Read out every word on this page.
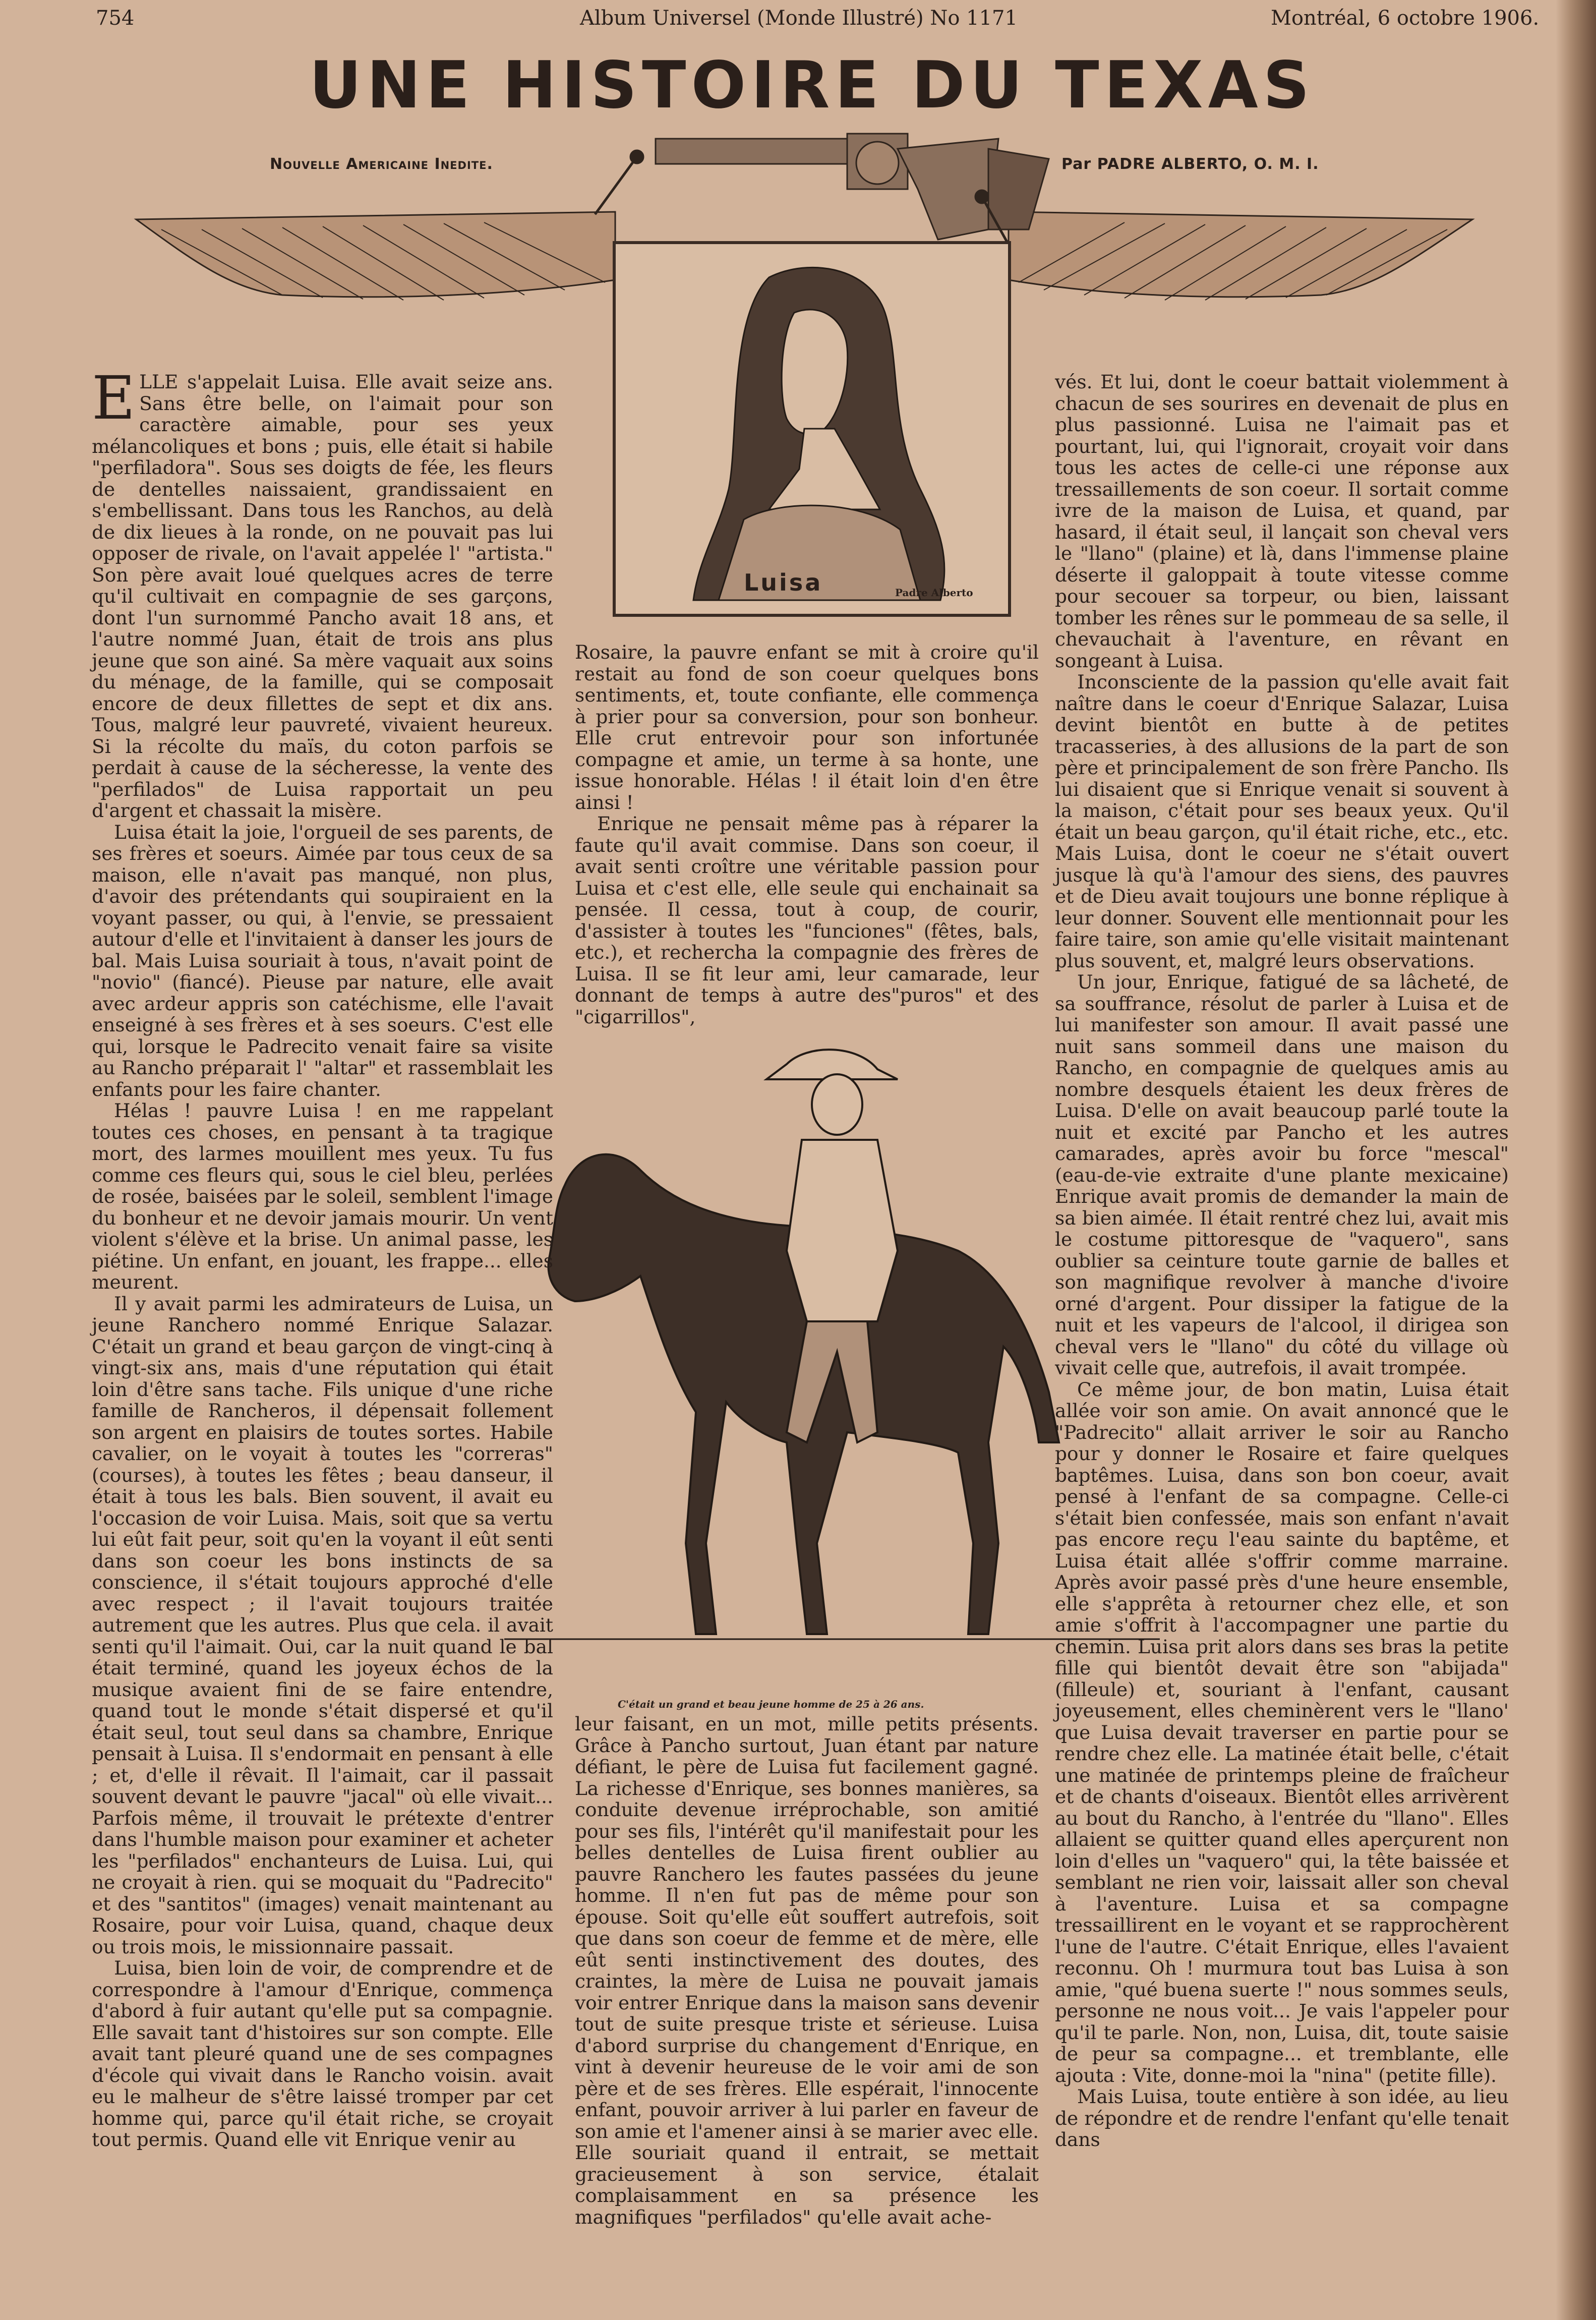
754	Album Universel (Monde Illustré) No 1171	Montréal, 6 octobre 1906.
UNE HISTOIRE DU TEXAS
Nouvelle Americaine Inedite.	Par PADRE ALBERTO, O. M. I.
Luisa	Padre Alberto
C'était un grand et beau jeune homme de 25 à 26 ans.

ELLE s'appelait Luisa. Elle avait seize ans. Sans être belle, on l'aimait pour son caractère aimable, pour ses yeux mélancoliques et bons ; puis, elle était si habile "perfiladora". Sous ses doigts de fée, les fleurs de dentelles naissaient, grandissaient en s'embellissant. Dans tous les Ranchos, au delà de dix lieues à la ronde, on ne pouvait pas lui opposer de rivale, on l'avait appelée l' "artista." Son père avait loué quelques acres de terre qu'il cultivait en compagnie de ses garçons, dont l'un surnommé Pancho avait 18 ans, et l'autre nommé Juan, était de trois ans plus jeune que son ainé. Sa mère vaquait aux soins du ménage, de la famille, qui se composait encore de deux fillettes de sept et dix ans. Tous, malgré leur pauvreté, vivaient heureux. Si la récolte du maïs, du coton parfois se perdait à cause de la sécheresse, la vente des "perfilados" de Luisa rapportait un peu d'argent et chassait la misère.

Luisa était la joie, l'orgueil de ses parents, de ses frères et soeurs. Aimée par tous ceux de sa maison, elle n'avait pas manqué, non plus, d'avoir des prétendants qui soupiraient en la voyant passer, ou qui, à l'envie, se pressaient autour d'elle et l'invitaient à danser les jours de bal. Mais Luisa souriait à tous, n'avait point de "novio" (fiancé). Pieuse par nature, elle avait avec ardeur appris son catéchisme, elle l'avait enseigné à ses frères et à ses soeurs. C'est elle qui, lorsque le Padrecito venait faire sa visite au Rancho préparait l' "altar" et rassemblait les enfants pour les faire chanter.

Hélas ! pauvre Luisa ! en me rappelant toutes ces choses, en pensant à ta tragique mort, des larmes mouillent mes yeux. Tu fus comme ces fleurs qui, sous le ciel bleu, perlées de rosée, baisées par le soleil, semblent l'image du bonheur et ne devoir jamais mourir. Un vent violent s'élève et la brise. Un animal passe, les piétine. Un enfant, en jouant, les frappe... elles meurent.

Il y avait parmi les admirateurs de Luisa, un jeune Ranchero nommé Enrique Salazar. C'était un grand et beau garçon de vingt-cinq à vingt-six ans, mais d'une réputation qui était loin d'être sans tache. Fils unique d'une riche famille de Rancheros, il dépensait follement son argent en plaisirs de toutes sortes. Habile cavalier, on le voyait à toutes les "correras" (courses), à toutes les fêtes ; beau danseur, il était à tous les bals. Bien souvent, il avait eu l'occasion de voir Luisa. Mais, soit que sa vertu lui eût fait peur, soit qu'en la voyant il eût senti dans son coeur les bons instincts de sa conscience, il s'était toujours approché d'elle avec respect ; il l'avait toujours traitée autrement que les autres. Plus que cela. il avait senti qu'il l'aimait. Oui, car la nuit quand le bal était terminé, quand les joyeux échos de la musique avaient fini de se faire entendre, quand tout le monde s'était dispersé et qu'il était seul, tout seul dans sa chambre, Enrique pensait à Luisa. Il s'endormait en pensant à elle ; et, d'elle il rêvait. Il l'aimait, car il passait souvent devant le pauvre "jacal" où elle vivait... Parfois même, il trouvait le prétexte d'entrer dans l'humble maison pour examiner et acheter les "perfilados" enchanteurs de Luisa. Lui, qui ne croyait à rien. qui se moquait du "Padrecito" et des "santitos" (images) venait maintenant au Rosaire, pour voir Luisa, quand, chaque deux ou trois mois, le missionnaire passait.

Luisa, bien loin de voir, de comprendre et de correspondre à l'amour d'Enrique, commença d'abord à fuir autant qu'elle put sa compagnie. Elle savait tant d'histoires sur son compte. Elle avait tant pleuré quand une de ses compagnes d'école qui vivait dans le Rancho voisin. avait eu le malheur de s'être laissé tromper par cet homme qui, parce qu'il était riche, se croyait tout permis. Quand elle vit Enrique venir au

Rosaire, la pauvre enfant se mit à croire qu'il restait au fond de son coeur quelques bons sentiments, et, toute confiante, elle commença à prier pour sa conversion, pour son bonheur. Elle crut entrevoir pour son infortunée compagne et amie, un terme à sa honte, une issue honorable. Hélas ! il était loin d'en être ainsi !

Enrique ne pensait même pas à réparer la faute qu'il avait commise. Dans son coeur, il avait senti croître une véritable passion pour Luisa et c'est elle, elle seule qui enchainait sa pensée. Il cessa, tout à coup, de courir, d'assister à toutes les "funciones" (fêtes, bals, etc.), et rechercha la compagnie des frères de Luisa. Il se fit leur ami, leur camarade, leur donnant de temps à autre des"puros" et des "cigarrillos",

leur faisant, en un mot, mille petits présents. Grâce à Pancho surtout, Juan étant par nature défiant, le père de Luisa fut facilement gagné. La richesse d'Enrique, ses bonnes manières, sa conduite devenue irréprochable, son amitié pour ses fils, l'intérêt qu'il manifestait pour les belles dentelles de Luisa firent oublier au pauvre Ranchero les fautes passées du jeune homme. Il n'en fut pas de même pour son épouse. Soit qu'elle eût souffert autrefois, soit que dans son coeur de femme et de mère, elle eût senti instinctivement des doutes, des craintes, la mère de Luisa ne pouvait jamais voir entrer Enrique dans la maison sans devenir tout de suite presque triste et sérieuse. Luisa d'abord surprise du changement d'Enrique, en vint à devenir heureuse de le voir ami de son père et de ses frères. Elle espérait, l'innocente enfant, pouvoir arriver à lui parler en faveur de son amie et l'amener ainsi à se marier avec elle. Elle souriait quand il entrait, se mettait gracieusement à son service, étalait complaisamment en sa présence les magnifiques "perfilados" qu'elle avait ache-

vés. Et lui, dont le coeur battait violemment à chacun de ses sourires en devenait de plus en plus passionné. Luisa ne l'aimait pas et pourtant, lui, qui l'ignorait, croyait voir dans tous les actes de celle-ci une réponse aux tressaillements de son coeur. Il sortait comme ivre de la maison de Luisa, et quand, par hasard, il était seul, il lançait son cheval vers le "llano" (plaine) et là, dans l'immense plaine déserte il galoppait à toute vitesse comme pour secouer sa torpeur, ou bien, laissant tomber les rênes sur le pommeau de sa selle, il chevauchait à l'aventure, en rêvant en songeant à Luisa.

Inconsciente de la passion qu'elle avait fait naître dans le coeur d'Enrique Salazar, Luisa devint bientôt en butte à de petites tracasseries, à des allusions de la part de son père et principalement de son frère Pancho. Ils lui disaient que si Enrique venait si souvent à la maison, c'était pour ses beaux yeux. Qu'il était un beau garçon, qu'il était riche, etc., etc. Mais Luisa, dont le coeur ne s'était ouvert jusque là qu'à l'amour des siens, des pauvres et de Dieu avait toujours une bonne réplique à leur donner. Souvent elle mentionnait pour les faire taire, son amie qu'elle visitait maintenant plus souvent, et, malgré leurs observations.

Un jour, Enrique, fatigué de sa lâcheté, de sa souffrance, résolut de parler à Luisa et de lui manifester son amour. Il avait passé une nuit sans sommeil dans une maison du Rancho, en compagnie de quelques amis au nombre desquels étaient les deux frères de Luisa. D'elle on avait beaucoup parlé toute la nuit et excité par Pancho et les autres camarades, après avoir bu force "mescal" (eau-de-vie extraite d'une plante mexicaine) Enrique avait promis de demander la main de sa bien aimée. Il était rentré chez lui, avait mis le costume pittoresque de "vaquero", sans oublier sa ceinture toute garnie de balles et son magnifique revolver à manche d'ivoire orné d'argent. Pour dissiper la fatigue de la nuit et les vapeurs de l'alcool, il dirigea son cheval vers le "llano" du côté du village où vivait celle que, autrefois, il avait trompée.

Ce même jour, de bon matin, Luisa était allée voir son amie. On avait annoncé que le "Padrecito" allait arriver le soir au Rancho pour y donner le Rosaire et faire quelques baptêmes. Luisa, dans son bon coeur, avait pensé à l'enfant de sa compagne. Celle-ci s'était bien confessée, mais son enfant n'avait pas encore reçu l'eau sainte du baptême, et Luisa était allée s'offrir comme marraine. Après avoir passé près d'une heure ensemble, elle s'apprêta à retourner chez elle, et son amie s'offrit à l'accompagner une partie du chemin. Luisa prit alors dans ses bras la petite fille qui bientôt devait être son "abijada" (filleule) et, souriant à l'enfant, causant joyeusement, elles cheminèrent vers le "llano' que Luisa devait traverser en partie pour se rendre chez elle. La matinée était belle, c'était une matinée de printemps pleine de fraîcheur et de chants d'oiseaux. Bientôt elles arrivèrent au bout du Rancho, à l'entrée du "llano". Elles allaient se quitter quand elles aperçurent non loin d'elles un "vaquero" qui, la tête baissée et semblant ne rien voir, laissait aller son cheval à l'aventure. Luisa et sa compagne tressaillirent en le voyant et se rapprochèrent l'une de l'autre. C'était Enrique, elles l'avaient reconnu. Oh ! murmura tout bas Luisa à son amie, "qué buena suerte !" nous sommes seuls, personne ne nous voit... Je vais l'appeler pour qu'il te parle. Non, non, Luisa, dit, toute saisie de peur sa compagne... et tremblante, elle ajouta : Vite, donne-moi la "nina" (petite fille).

Mais Luisa, toute entière à son idée, au lieu de répondre et de rendre l'enfant qu'elle tenait dans
